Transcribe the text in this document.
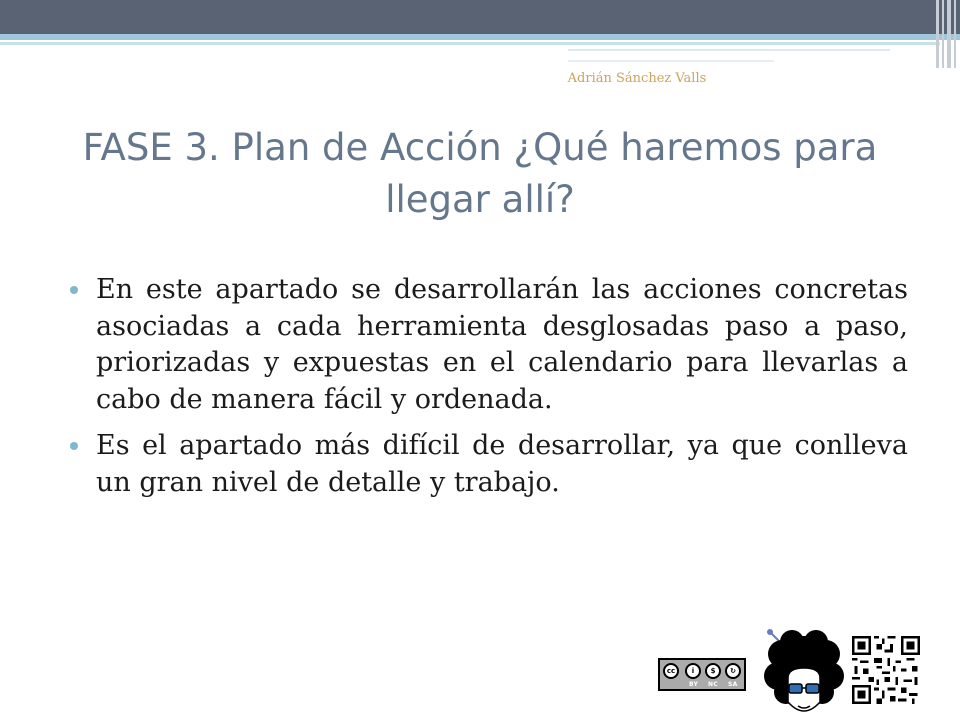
Adrián Sánchez Valls
FASE 3. Plan de Acción ¿Qué haremos para llegar allí?
En este apartado se desarrollarán las acciones concretas asociadas a cada herramienta desglosadas paso a paso, priorizadas y expuestas en el calendario para llevarlas a cabo de manera fácil y ordenada.
Es el apartado más difícil de desarrollar, ya que conlleva un gran nivel de detalle y trabajo.
cc	i	$	↻
BY NC SA
